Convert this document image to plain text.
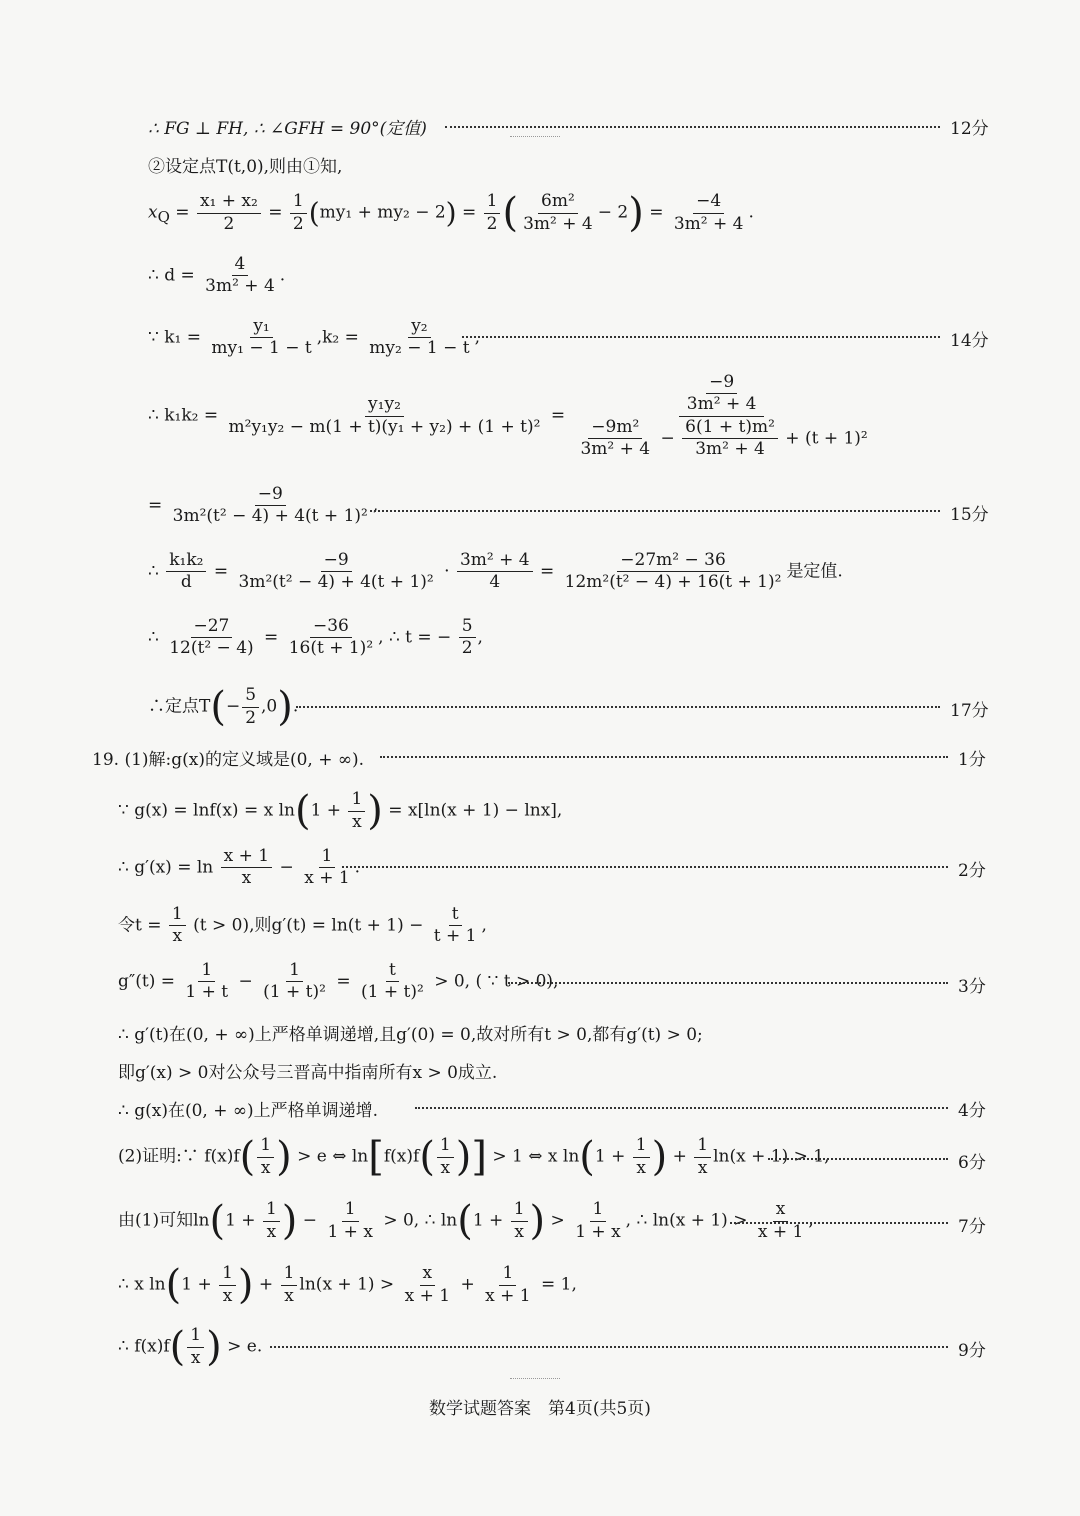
∴ FG ⊥ FH, ∴ ∠GFH = 90°(定值)	12分
②设定点T(t,0),则由①知,
$x_Q = \frac{\text{x₁ + x₂}}{2} = \frac{1}{2} (my_1 + my_2 - 2) = \frac{1}{2}$ ( $\frac{\text{6m²}}{\text{3m² + 4}} - 2) = \frac{-4}{\text{3m² + 4}}$ .
∴ $d = \frac{4}{\text{3m² + 4}}$ .
∵ $k_1 = \frac{\text{y₁}}{\text{my₁ − 1 − t}} ,k_2 = \frac{\text{y₂}}{\text{my₂ − 1 − t}}$ ,	14分
∴ $k_1k_2 = \frac{\text{y₁y₂}}{\text{m²y₁y₂ − m(1 + t)(y₁ + y₂) + (1 + t)²}} = \frac{\frac{-9}{\text{3m² + 4}}}{\frac{\text{−9m²}}{\text{3m² + 4}} - \frac{\text{6(1 + t)m²}}{\text{3m² + 4}} + (t + 1)^2}$
= $\frac{-9}{\text{3m²(t² − 4) + 4(t + 1)²}}$ ,	15分
∴ $\frac{\text{k₁k₂}}{d} = \frac{-9}{\text{3m²(t² − 4) + 4(t + 1)²}} \cdot \frac{\text{3m² + 4}}{4} = \frac{\text{−27m² − 36}}{\text{12m²(t² − 4) + 16(t + 1)²}}$ 是定值.
∴ $\frac{-27}{\text{12(t² − 4)}} = \frac{-36}{\text{16(t + 1)²}}$ , ∴ t = − $\frac{5}{2}$ ,
∴定点$T(- \frac{5}{2} ,0)$.	17分
19. (1)解:g(x)的定义域是(0, + ∞).	1分
∵ g(x) = lnf(x) = x $\ln(1 + \frac{1}{x}$ ) = x[ln(x + 1) − lnx],
∴ $g'(x) = \ln \frac{x + 1}{x} - \frac{1}{x + 1}$ .	2分
令$t = \frac{1}{x} (t > 0)$,则$g'(t) = \ln(t + 1) - \frac{t}{t + 1}$ ,
$g''(t) = \frac{1}{1 + t} - \frac{1}{\text{(1 + t)²}} = \frac{t}{\text{(1 + t)²}} > 0$, ( ∵ t > 0),	3分
∴ g′(t)在(0, + ∞)上严格单调递增,且g′(0) = 0,故对所有t > 0,都有g′(t) > 0;
即g′(x) > 0对公众号三晋高中指南所有x > 0成立.
∴ g(x)在(0, + ∞)上严格单调递增.	4分
(2)证明:∵ $f(x)f( \frac{1}{x}$ ) > e ⇔ $\ln[f(x)f( \frac{1}{x}$ )] > 1 ⇔ x $\ln(1 + \frac{1}{x}$ ) + $\frac{1}{x} \ln(x + 1) > 1$,	6分
由(1)可知$\ln(1 + \frac{1}{x}$ ) − $\frac{1}{1 + x} > 0$, ∴ $\ln(1 + \frac{1}{x}$ ) > $\frac{1}{1 + x}$ , ∴ $\ln(x + 1) > \frac{x}{x + 1}$ ,	7分
∴ x $\ln(1 + \frac{1}{x}$ ) + $\frac{1}{x} \ln(x + 1) > \frac{x}{x + 1} + \frac{1}{x + 1} = 1$,
∴ $f(x)f( \frac{1}{x}$ ) > e.	9分
数学试题答案　第4页(共5页)
